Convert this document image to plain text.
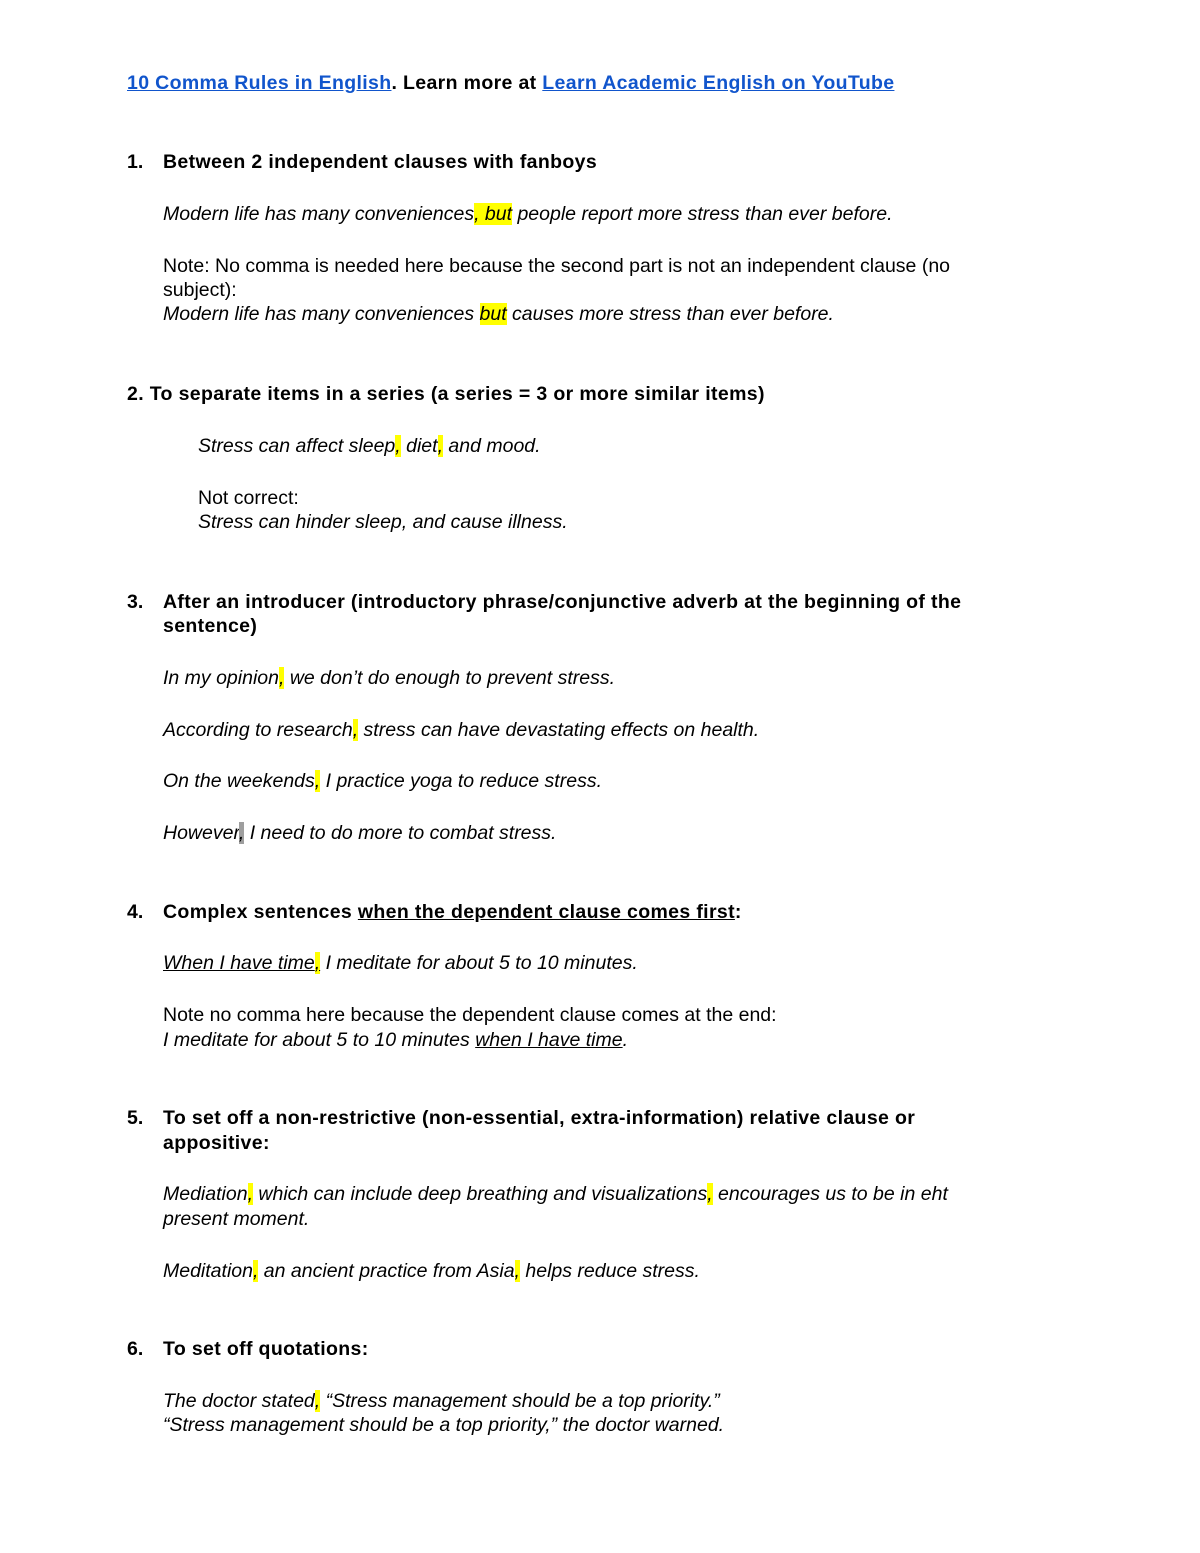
10 Comma Rules in English. Learn more at Learn Academic English on YouTube
1. Between 2 independent clauses with fanboys
Modern life has many conveniences, but people report more stress than ever before.
Note: No comma is needed here because the second part is not an independent clause (no
subject):
Modern life has many conveniences but causes more stress than ever before.
2. To separate items in a series (a series = 3 or more similar items)
Stress can affect sleep, diet, and mood.
Not correct:
Stress can hinder sleep, and cause illness.
3. After an introducer (introductory phrase/conjunctive adverb at the beginning of the
sentence)
In my opinion, we don’t do enough to prevent stress.
According to research, stress can have devastating effects on health.
On the weekends, I practice yoga to reduce stress.
However, I need to do more to combat stress.
4. Complex sentences when the dependent clause comes first:
When I have time, I meditate for about 5 to 10 minutes.
Note no comma here because the dependent clause comes at the end:
I meditate for about 5 to 10 minutes when I have time.
5. To set off a non-restrictive (non-essential, extra-information) relative clause or
appositive:
Mediation, which can include deep breathing and visualizations, encourages us to be in eht
present moment.
Meditation, an ancient practice from Asia, helps reduce stress.
6. To set off quotations:
The doctor stated, “Stress management should be a top priority.”
“Stress management should be a top priority,” the doctor warned.
